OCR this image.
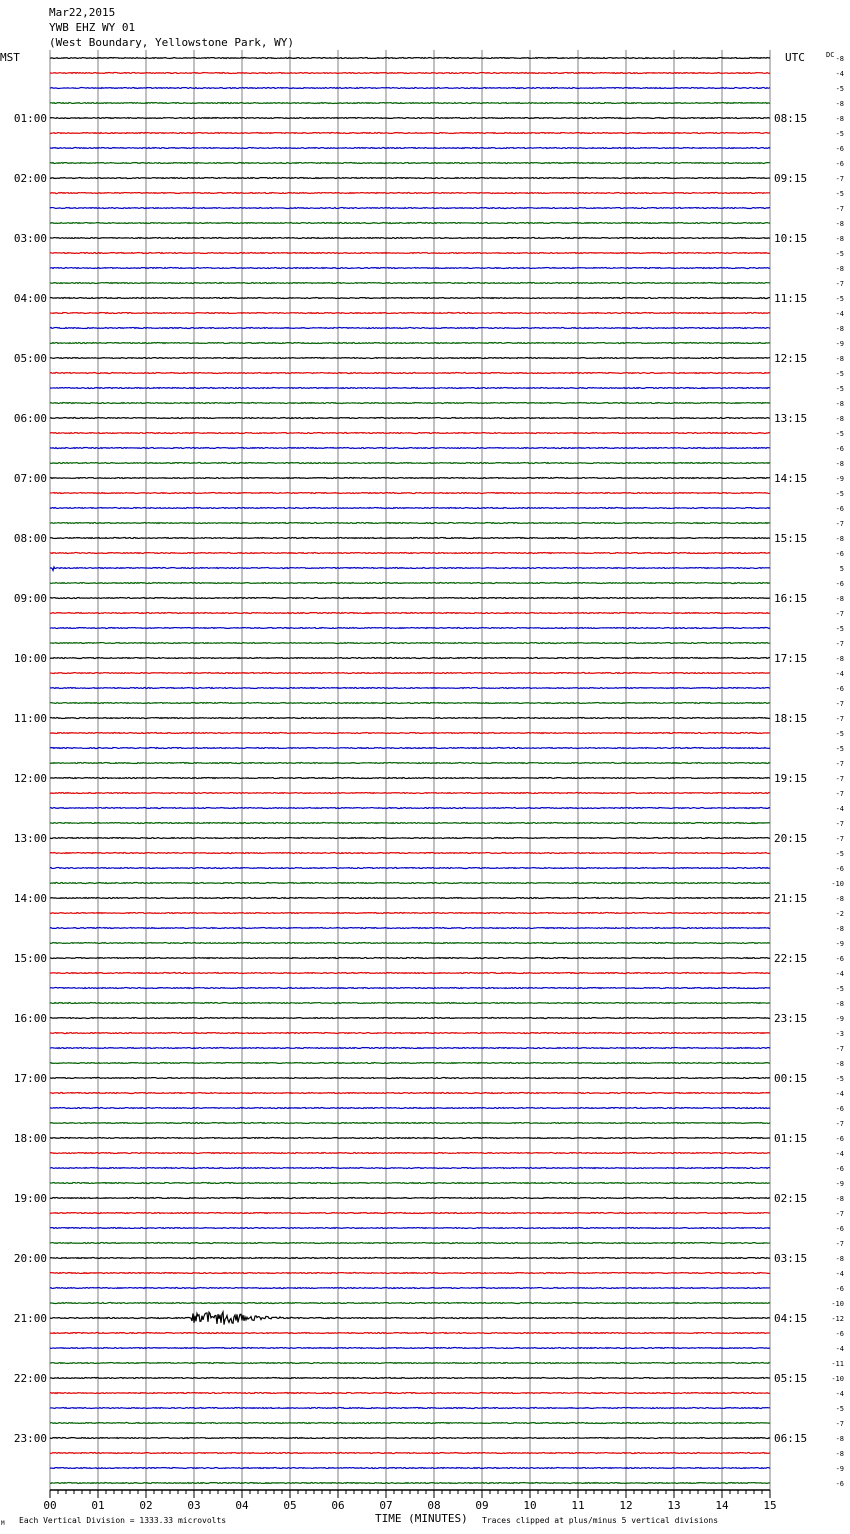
Mar22,2015
YWB EHZ WY 01
(West Boundary, Yellowstone Park, WY)
MST	UTC	DC -8
-4
-5
-8
-8
-5
-6
-6
-7
-5
-7
-8
-8
-5
-8
-7
-5
-4
-8
-9
-8
-5
-5
-8
-8
-5
-6
-8
-9
-5
-6
-7
-8
-6
5
-6
-8
-7
-5
-7
-8
-4
-6
-7
-7
-5
-5
-7
-7
-7
-4
-7
-7
-5
-6
-10
-8
-2
-8
-9
-6
-4
-5
-8
-9
-3
-7
-8
-5
-4
-6
-7
-6
-4
-6
-9
-8
-7
-6
-7
-8
-4
-6
-10
-12
-6
-4
-11
-10
-4
-5
-7
-8
-8
-9
-6
01:00
02:00
03:00
04:00
05:00
06:00
07:00
08:00
09:00
10:00
11:00
12:00
13:00
14:00
15:00
16:00
17:00
18:00
19:00
20:00
21:00
22:00
23:00
08:15
09:15
10:15
11:15
12:15
13:15
14:15
15:15
16:15
17:15
18:15
19:15
20:15
21:15
22:15
23:15
00:15
01:15
02:15
03:15
04:15
05:15
06:15
00	01	02	03	04	05	06	07	08	09	10	11	12	13	14	15
TIME (MINUTES)
Each Vertical Division = 1333.33 microvolts	Traces clipped at plus/minus 5 vertical divisions
M
